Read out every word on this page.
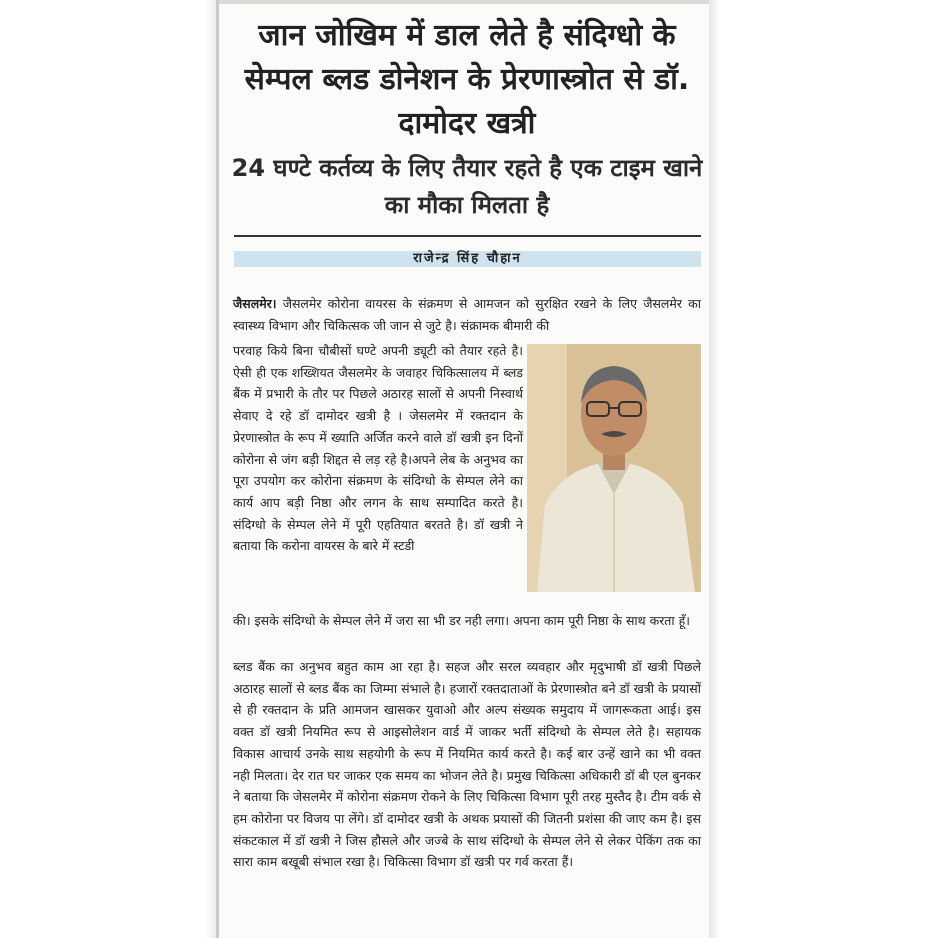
जान जोखिम में डाल लेते है संदिग्धो के सेम्पल ब्लड डोनेशन के प्रेरणास्त्रोत से डॉ. दामोदर खत्री
24 घण्टे कर्तव्य के लिए तैयार रहते है एक टाइम खाने का मौका मिलता है
राजेन्द्र सिंह चौहान
जैसलमेर। जैसलमेर कोरोना वायरस के संक्रमण से आमजन को सुरक्षित रखने के लिए जैसलमेर का स्वास्थ्य विभाग और चिकित्सक जी जान से जुटे है। संक्रामक बीमारी की
परवाह किये बिना चौबीसों घण्टे अपनी ड्यूटी को तैयार रहते है। ऐसी ही एक शख्शियत जैसलमेर के जवाहर चिकित्सालय में ब्लड बैंक में प्रभारी के तौर पर पिछले अठारह सालों से अपनी निस्वार्थ सेवाए दे रहे डॉ दामोदर खत्री है । जेसलमेर में रक्तदान के प्रेरणास्त्रोत के रूप में ख्याति अर्जित करने वाले डॉ खत्री इन दिनों कोरोना से जंग बड़ी शिद्दत से लड़ रहे है।अपने लेब के अनुभव का पूरा उपयोग कर कोरोना संक्रमण के संदिग्धो के सेम्पल लेने का कार्य आप बड़ी निष्ठा और लगन के साथ सम्पादित करते है। संदिग्धो के सेम्पल लेने में पूरी एहतियात बरतते है। डॉ खत्री ने बताया कि करोना वायरस के बारे में स्टडी
की। इसके संदिग्धो के सेम्पल लेने में जरा सा भी डर नही लगा। अपना काम पूरी निष्ठा के साथ करता हूँ।
ब्लड बैंक का अनुभव बहुत काम आ रहा है। सहज और सरल व्यवहार और मृदुभाषी डॉ खत्री पिछले अठारह सालों से ब्लड बैंक का जिम्मा संभाले है। हजारों रक्तदाताओं के प्रेरणास्त्रोत बने डॉ खत्री के प्रयासों से ही रक्तदान के प्रति आमजन खासकर युवाओ और अल्प संख्यक समुदाय में जागरूकता आई। इस वक्त डॉ खत्री नियमित रूप से आइसोलेशन वार्ड में जाकर भर्ती संदिग्धो के सेम्पल लेते है। सहायक विकास आचार्य उनके साथ सहयोगी के रूप में नियमित कार्य करते है। कई बार उन्हें खाने का भी वक्त नही मिलता। देर रात घर जाकर एक समय का भोजन लेते है। प्रमुख चिकित्सा अधिकारी डॉ बी एल बुनकर ने बताया कि जेसलमेर में कोरोना संक्रमण रोकने के लिए चिकित्सा विभाग पूरी तरह मुस्तैद है। टीम वर्क से हम कोरोना पर विजय पा लेंगे। डॉ दामोदर खत्री के अथक प्रयासों की जितनी प्रशंसा की जाए कम है। इस संकटकाल में डॉ खत्री ने जिस हौसले और जज्बे के साथ संदिग्धो के सेम्पल लेने से लेकर पेकिंग तक का सारा काम बखूबी संभाल रखा है। चिकित्सा विभाग डॉ खत्री पर गर्व करता हैं।
